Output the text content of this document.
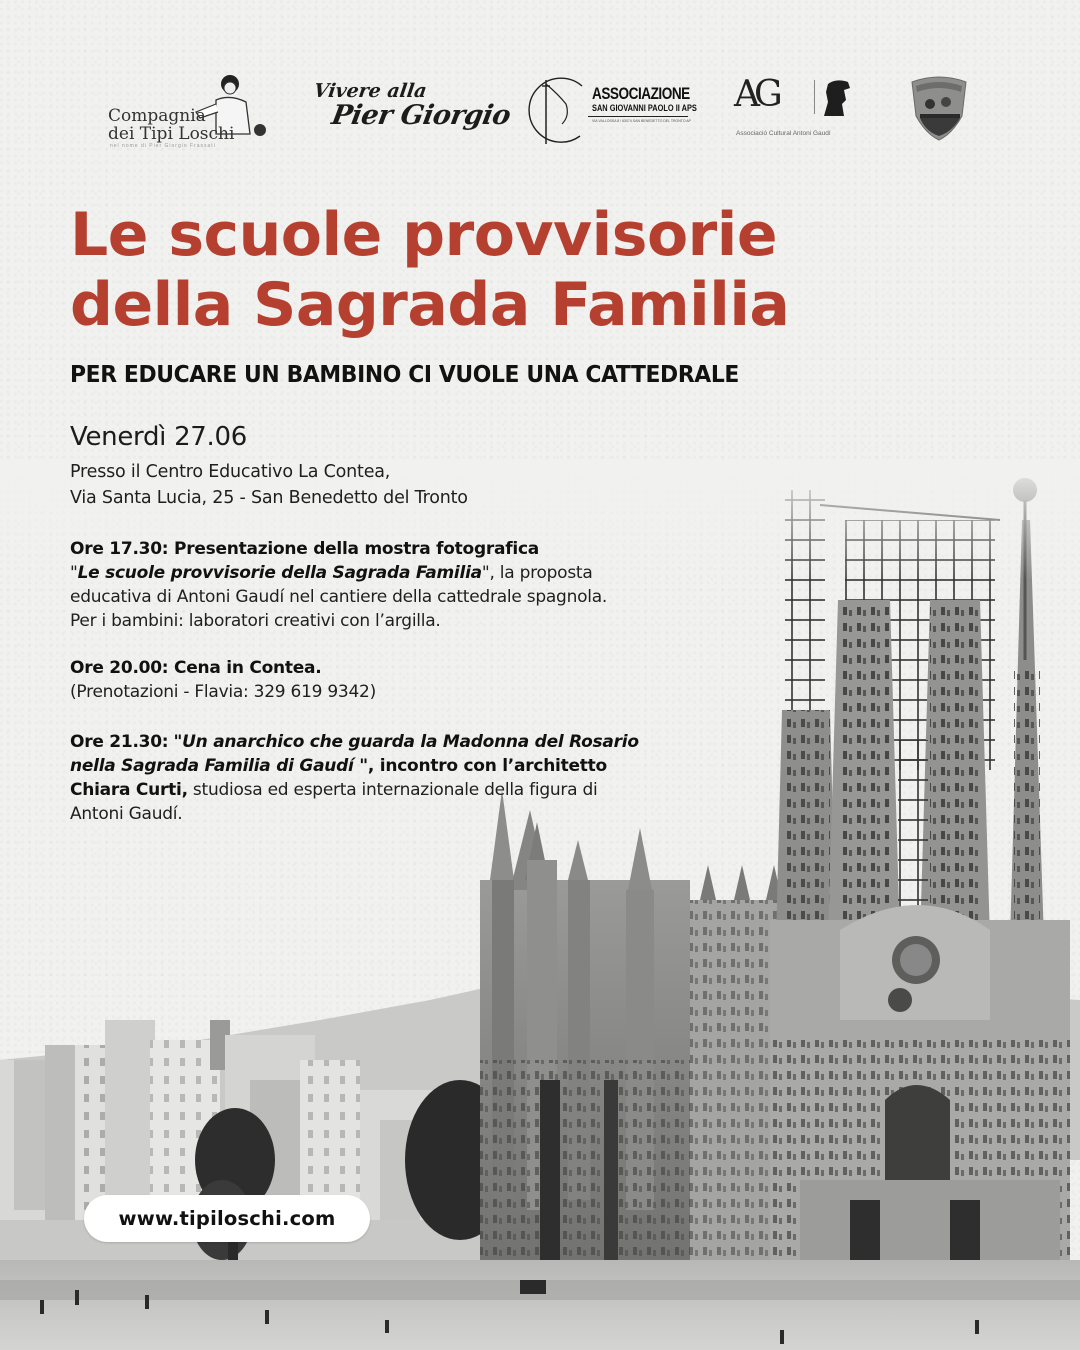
Compagnia
dei Tipi Loschi
nel nome di Pier Giorgio Frassati
Vivere alla
Pier Giorgio
ASSOCIAZIONE
SAN GIOVANNI PAOLO II APS
VIA VALLOSSA 8 / 63074 SAN BENEDETTO DEL TRONTO AP
AG
Associació Cultural Antoni Gaudí
Le scuole provvisorie
della Sagrada Familia
PER EDUCARE UN BAMBINO CI VUOLE UNA CATTEDRALE
Venerdì 27.06
Presso il Centro Educativo La Contea,
Via Santa Lucia, 25 - San Benedetto del Tronto
Ore 17.30: Presentazione della mostra fotografica
"Le scuole provvisorie della Sagrada Familia", la proposta
educativa di Antoni Gaudí nel cantiere della cattedrale spagnola.
Per i bambini: laboratori creativi con l’argilla.
Ore 20.00: Cena in Contea.
(Prenotazioni - Flavia: 329 619 9342)
Ore 21.30: "Un anarchico che guarda la Madonna del Rosario
nella Sagrada Familia di Gaudí ", incontro con l’architetto
Chiara Curti, studiosa ed esperta internazionale della figura di
Antoni Gaudí.
www.tipiloschi.com
